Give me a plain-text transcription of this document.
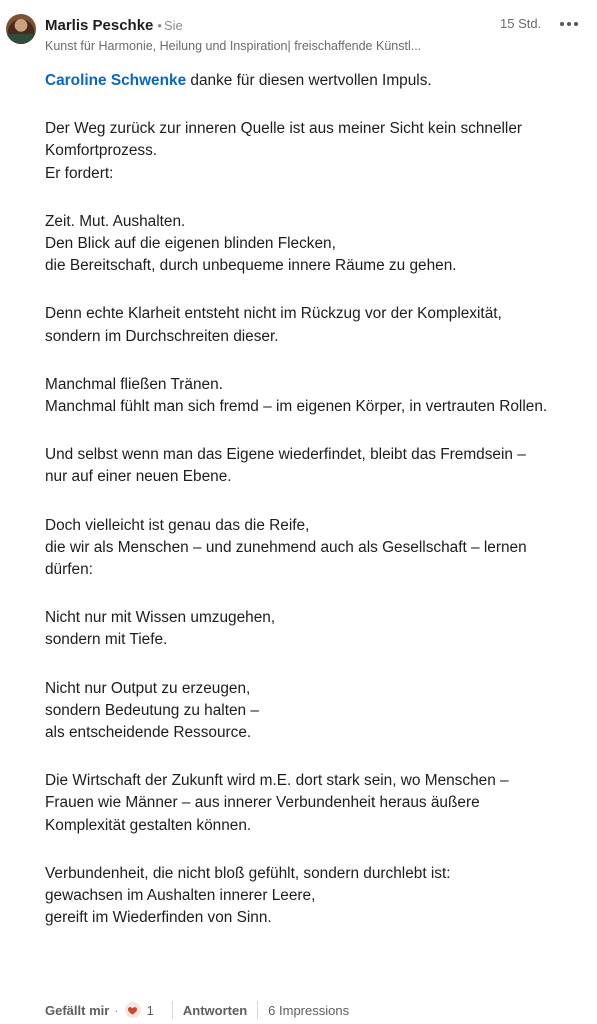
Marlis Peschke • Sie
Kunst für Harmonie, Heilung und Inspiration| freischaffende Künstl...
15 Std.

Caroline Schwenke danke für diesen wertvollen Impuls.

Der Weg zurück zur inneren Quelle ist aus meiner Sicht kein schneller Komfortprozess.
Er fordert:

Zeit. Mut. Aushalten.
Den Blick auf die eigenen blinden Flecken,
die Bereitschaft, durch unbequeme innere Räume zu gehen.

Denn echte Klarheit entsteht nicht im Rückzug vor der Komplexität,
sondern im Durchschreiten dieser.

Manchmal fließen Tränen.
Manchmal fühlt man sich fremd – im eigenen Körper, in vertrauten Rollen.

Und selbst wenn man das Eigene wiederfindet, bleibt das Fremdsein –
nur auf einer neuen Ebene.

Doch vielleicht ist genau das die Reife,
die wir als Menschen – und zunehmend auch als Gesellschaft – lernen dürfen:

Nicht nur mit Wissen umzugehen,
sondern mit Tiefe.

Nicht nur Output zu erzeugen,
sondern Bedeutung zu halten –
als entscheidende Ressource.

Die Wirtschaft der Zukunft wird m.E. dort stark sein, wo Menschen –
Frauen wie Männer – aus innerer Verbundenheit heraus äußere
Komplexität gestalten können.

Verbundenheit, die nicht bloß gefühlt, sondern durchlebt ist:
gewachsen im Aushalten innerer Leere,
gereift im Wiederfinden von Sinn.

Gefällt mir · 1 Antworten 6 Impressions
